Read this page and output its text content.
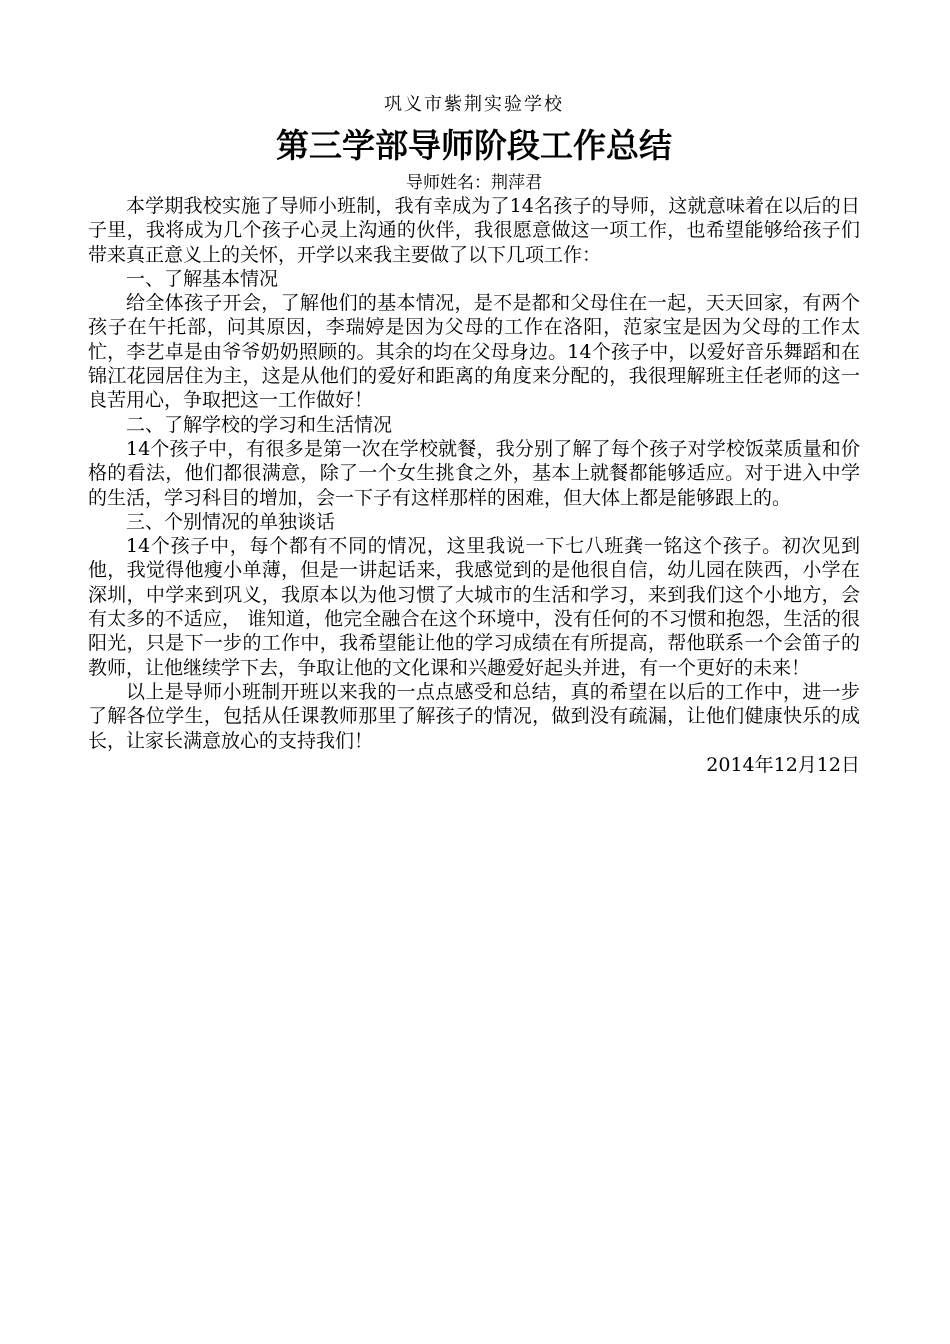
巩义市紫荆实验学校

第三学部导师阶段工作总结

导师姓名：荆萍君

本学期我校实施了导师小班制，我有幸成为了14名孩子的导师，这就意味着在以后的日子里，我将成为几个孩子心灵上沟通的伙伴，我很愿意做这一项工作，也希望能够给孩子们带来真正意义上的关怀，开学以来我主要做了以下几项工作：

一、了解基本情况

给全体孩子开会，了解他们的基本情况，是不是都和父母住在一起，天天回家，有两个孩子在午托部，问其原因，李瑞婷是因为父母的工作在洛阳，范家宝是因为父母的工作太忙，李艺卓是由爷爷奶奶照顾的。其余的均在父母身边。14个孩子中，以爱好音乐舞蹈和在锦江花园居住为主，这是从他们的爱好和距离的角度来分配的，我很理解班主任老师的这一良苦用心，争取把这一工作做好！

二、了解学校的学习和生活情况

14个孩子中，有很多是第一次在学校就餐，我分别了解了每个孩子对学校饭菜质量和价格的看法，他们都很满意，除了一个女生挑食之外，基本上就餐都能够适应。对于进入中学的生活，学习科目的增加，会一下子有这样那样的困难，但大体上都是能够跟上的。

三、个别情况的单独谈话

14个孩子中，每个都有不同的情况，这里我说一下七八班龚一铭这个孩子。初次见到他，我觉得他瘦小单薄，但是一讲起话来，我感觉到的是他很自信，幼儿园在陕西，小学在深圳，中学来到巩义，我原本以为他习惯了大城市的生活和学习，来到我们这个小地方，会有太多的不适应， 谁知道，他完全融合在这个环境中，没有任何的不习惯和抱怨，生活的很阳光，只是下一步的工作中，我希望能让他的学习成绩在有所提高，帮他联系一个会笛子的教师，让他继续学下去，争取让他的文化课和兴趣爱好起头并进，有一个更好的未来！

以上是导师小班制开班以来我的一点点感受和总结，真的希望在以后的工作中，进一步了解各位学生，包括从任课教师那里了解孩子的情况，做到没有疏漏，让他们健康快乐的成长，让家长满意放心的支持我们！

2014年12月12日
